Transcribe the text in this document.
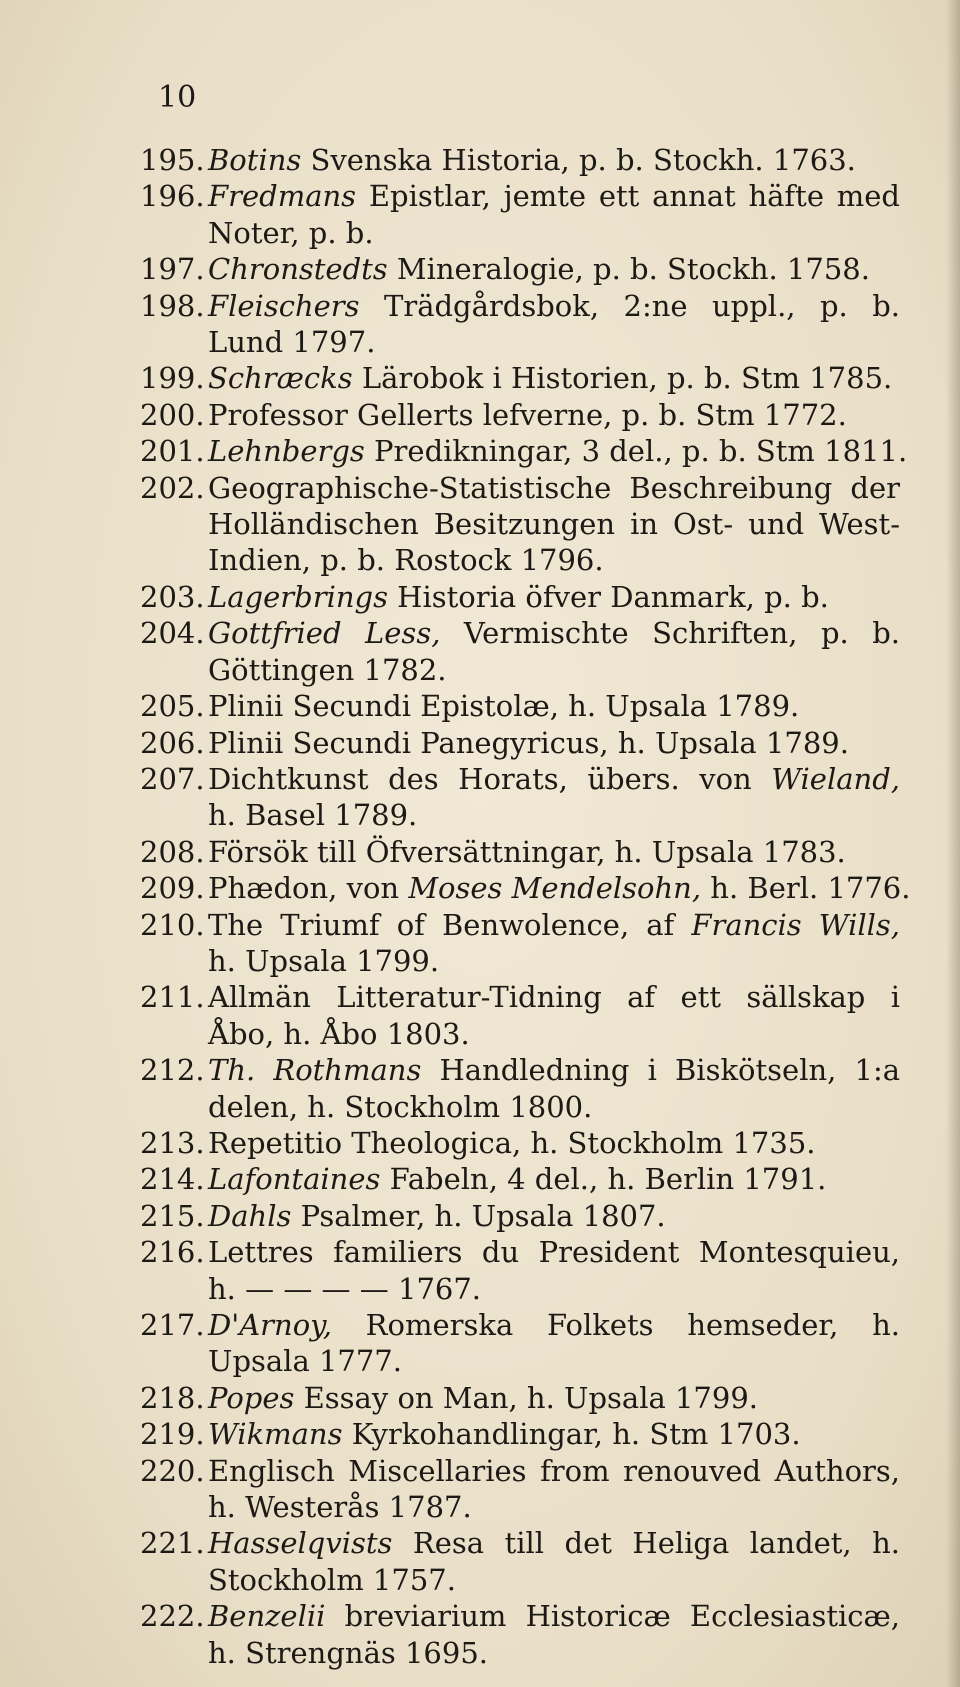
10
195. Botins Svenska Historia, p. b. Stockh. 1763.
196. Fredmans Epistlar, jemte ett annat häfte med
Noter, p. b.
197. Chronstedts Mineralogie, p. b. Stockh. 1758.
198. Fleischers Trädgårdsbok, 2:ne uppl., p. b.
Lund 1797.
199. Schræcks Lärobok i Historien, p. b. Stm 1785.
200. Professor Gellerts lefverne, p. b. Stm 1772.
201. Lehnbergs Predikningar, 3 del., p. b. Stm 1811.
202. Geographische-Statistische Beschreibung der
Holländischen Besitzungen in Ost- und West-
Indien, p. b. Rostock 1796.
203. Lagerbrings Historia öfver Danmark, p. b.
204. Gottfried Less, Vermischte Schriften, p. b.
Göttingen 1782.
205. Plinii Secundi Epistolæ, h. Upsala 1789.
206. Plinii Secundi Panegyricus, h. Upsala 1789.
207. Dichtkunst des Horats, übers. von Wieland,
h. Basel 1789.
208. Försök till Öfversättningar, h. Upsala 1783.
209. Phædon, von Moses Mendelsohn, h. Berl. 1776.
210. The Triumf of Benwolence, af Francis Wills,
h. Upsala 1799.
211. Allmän Litteratur-Tidning af ett sällskap i
Åbo, h. Åbo 1803.
212. Th. Rothmans Handledning i Biskötseln, 1:a
delen, h. Stockholm 1800.
213. Repetitio Theologica, h. Stockholm 1735.
214. Lafontaines Fabeln, 4 del., h. Berlin 1791.
215. Dahls Psalmer, h. Upsala 1807.
216. Lettres familiers du President Montesquieu,
h. — — — — 1767.
217. D'Arnoy, Romerska Folkets hemseder, h.
Upsala 1777.
218. Popes Essay on Man, h. Upsala 1799.
219. Wikmans Kyrkohandlingar, h. Stm 1703.
220. Englisch Miscellaries from renouved Authors,
h. Westerås 1787.
221. Hasselqvists Resa till det Heliga landet, h.
Stockholm 1757.
222. Benzelii breviarium Historicæ Ecclesiasticæ,
h. Strengnäs 1695.
